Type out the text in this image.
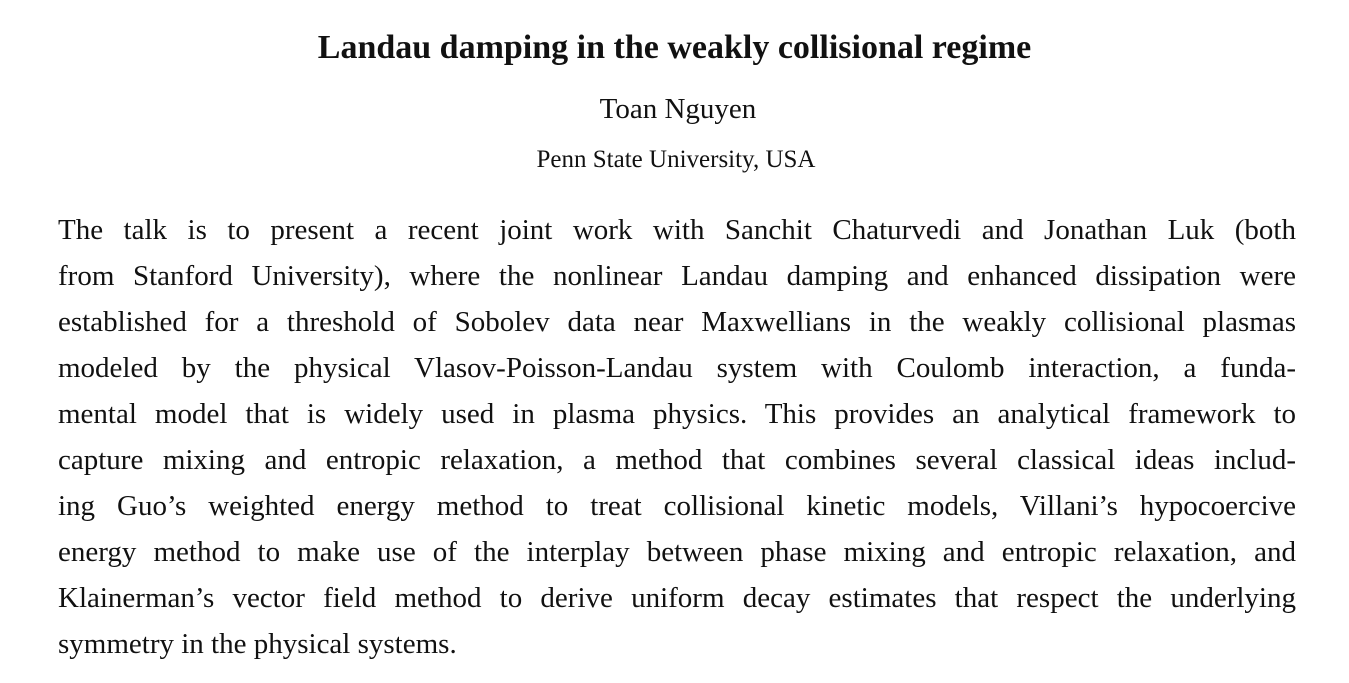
Landau damping in the weakly collisional regime

Toan Nguyen

Penn State University, USA

The talk is to present a recent joint work with Sanchit Chaturvedi and Jonathan Luk (both
from Stanford University), where the nonlinear Landau damping and enhanced dissipation were
established for a threshold of Sobolev data near Maxwellians in the weakly collisional plasmas
modeled by the physical Vlasov-Poisson-Landau system with Coulomb interaction, a funda-
mental model that is widely used in plasma physics. This provides an analytical framework to
capture mixing and entropic relaxation, a method that combines several classical ideas includ-
ing Guo’s weighted energy method to treat collisional kinetic models, Villani’s hypocoercive
energy method to make use of the interplay between phase mixing and entropic relaxation, and
Klainerman’s vector field method to derive uniform decay estimates that respect the underlying
symmetry in the physical systems.
